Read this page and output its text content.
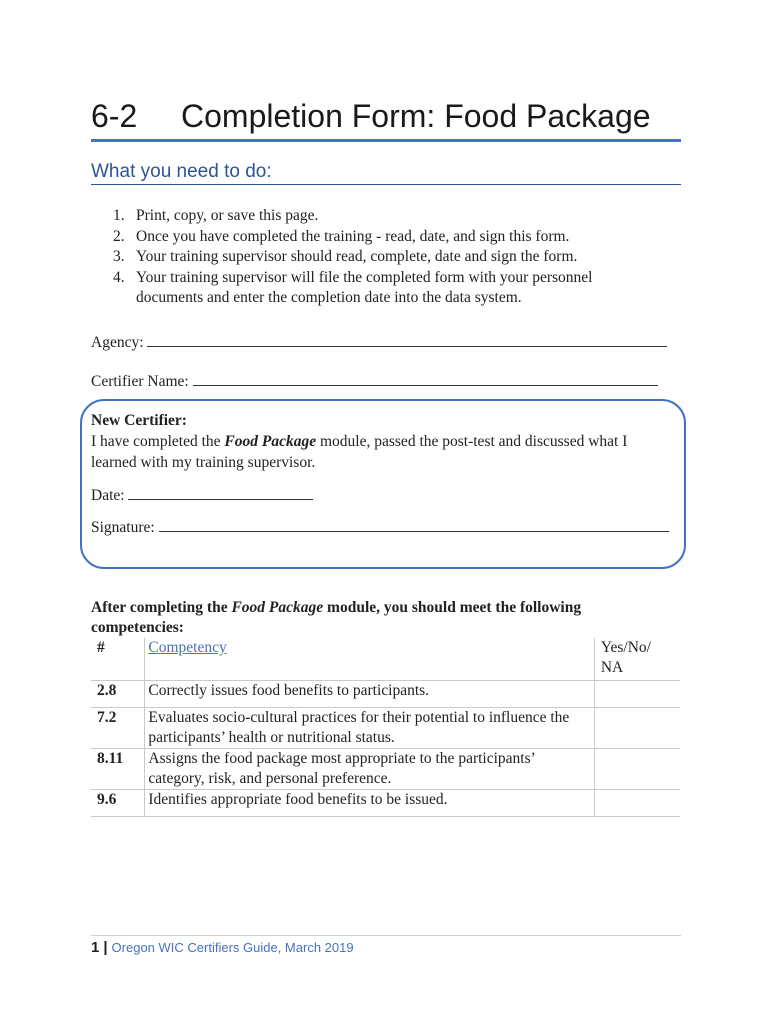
6-2 Completion Form: Food Package
What you need to do:
1. Print, copy, or save this page.
2. Once you have completed the training - read, date, and sign this form.
3. Your training supervisor should read, complete, date and sign the form.
4. Your training supervisor will file the completed form with your personnel documents and enter the completion date into the data system.
Agency:
Certifier Name:
New Certifier:
I have completed the Food Package module, passed the post-test and discussed what I learned with my training supervisor.
Date:
Signature:
After completing the Food Package module, you should meet the following competencies:
#	Competency	Yes/No/
NA
2.8	Correctly issues food benefits to participants.	
7.2	Evaluates socio-cultural practices for their potential to influence the participants’ health or nutritional status.	
8.11	Assigns the food package most appropriate to the participants’ category, risk, and personal preference.	
9.6	Identifies appropriate food benefits to be issued.	
1 | Oregon WIC Certifiers Guide, March 2019
